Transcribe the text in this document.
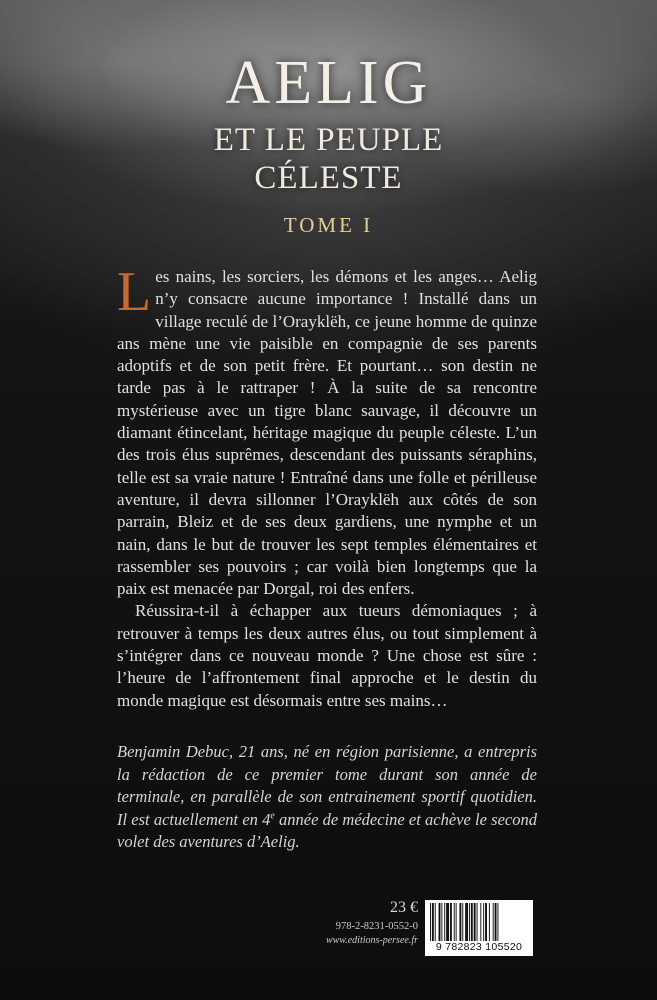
AELIG
ET LE PEUPLE
CÉLESTE
TOME I

Les nains, les sorciers, les démons et les anges… Aelig n’y consacre aucune importance ! Installé dans un village reculé de l’Orayklëh, ce jeune homme de quinze ans mène une vie paisible en compagnie de ses parents adoptifs et de son petit frère. Et pourtant… son destin ne tarde pas à le rattraper ! À la suite de sa rencontre mystérieuse avec un tigre blanc sauvage, il découvre un diamant étincelant, héritage magique du peuple céleste. L’un des trois élus suprêmes, descendant des puissants séraphins, telle est sa vraie nature ! Entraîné dans une folle et périlleuse aventure, il devra sillonner l’Orayklëh aux côtés de son parrain, Bleiz et de ses deux gardiens, une nymphe et un nain, dans le but de trouver les sept temples élémentaires et rassembler ses pouvoirs ; car voilà bien longtemps que la paix est menacée par Dorgal, roi des enfers.

Réussira-t-il à échapper aux tueurs démoniaques ; à retrouver à temps les deux autres élus, ou tout simplement à s’intégrer dans ce nouveau monde ? Une chose est sûre : l’heure de l’affrontement final approche et le destin du monde magique est désormais entre ses mains…

Benjamin Debuc, 21 ans, né en région parisienne, a entrepris la rédaction de ce premier tome durant son année de terminale, en parallèle de son entrainement sportif quotidien. Il est actuellement en 4e année de médecine et achève le second volet des aventures d’Aelig.

23 €
978-2-8231-0552-0
www.editions-persee.fr
9 782823 105520
